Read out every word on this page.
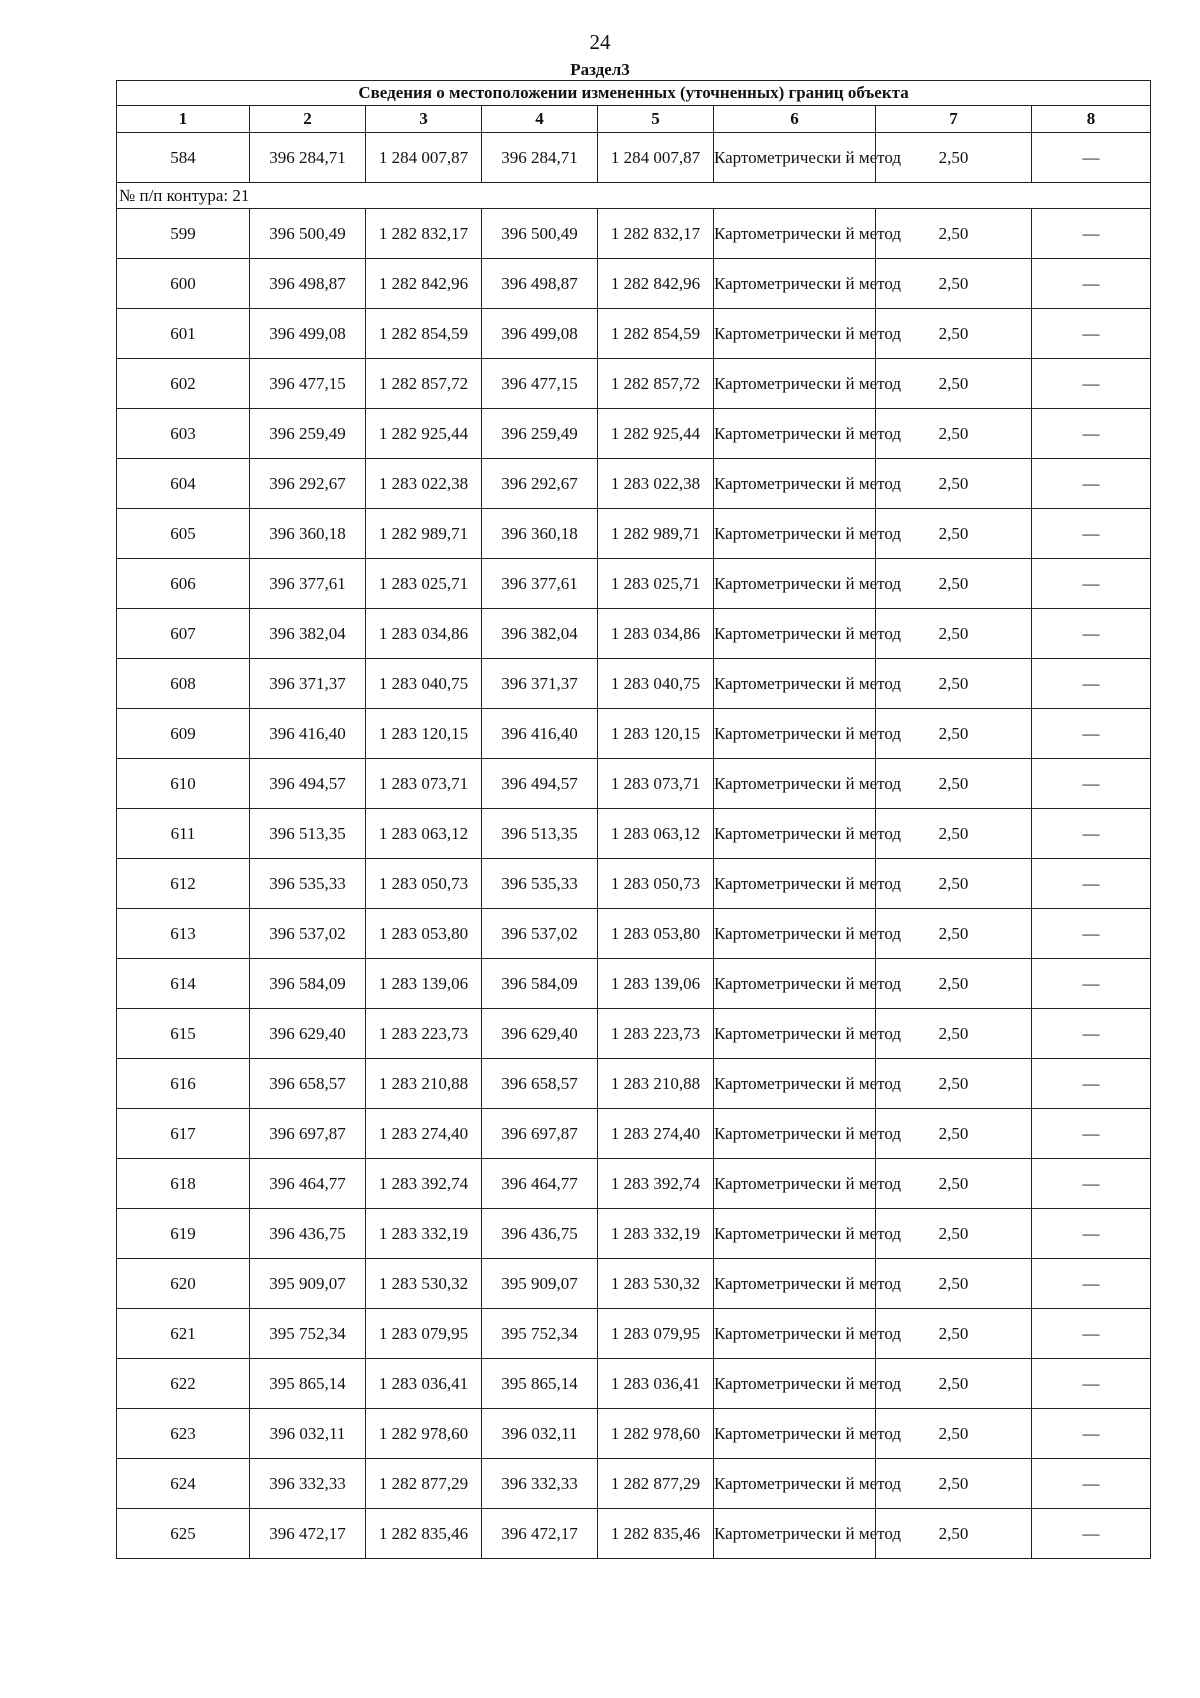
24
Раздел3
Сведения о местоположении измененных (уточненных) границ объекта							
1	2	3	4	5	6	7	8
584	396 284,71	1 284 007,87	396 284,71	1 284 007,87	Картометрически й метод	2,50	—
№ п/п контура: 21							
599	396 500,49	1 282 832,17	396 500,49	1 282 832,17	Картометрически й метод	2,50	—
600	396 498,87	1 282 842,96	396 498,87	1 282 842,96	Картометрически й метод	2,50	—
601	396 499,08	1 282 854,59	396 499,08	1 282 854,59	Картометрически й метод	2,50	—
602	396 477,15	1 282 857,72	396 477,15	1 282 857,72	Картометрически й метод	2,50	—
603	396 259,49	1 282 925,44	396 259,49	1 282 925,44	Картометрически й метод	2,50	—
604	396 292,67	1 283 022,38	396 292,67	1 283 022,38	Картометрически й метод	2,50	—
605	396 360,18	1 282 989,71	396 360,18	1 282 989,71	Картометрически й метод	2,50	—
606	396 377,61	1 283 025,71	396 377,61	1 283 025,71	Картометрически й метод	2,50	—
607	396 382,04	1 283 034,86	396 382,04	1 283 034,86	Картометрически й метод	2,50	—
608	396 371,37	1 283 040,75	396 371,37	1 283 040,75	Картометрически й метод	2,50	—
609	396 416,40	1 283 120,15	396 416,40	1 283 120,15	Картометрически й метод	2,50	—
610	396 494,57	1 283 073,71	396 494,57	1 283 073,71	Картометрически й метод	2,50	—
611	396 513,35	1 283 063,12	396 513,35	1 283 063,12	Картометрически й метод	2,50	—
612	396 535,33	1 283 050,73	396 535,33	1 283 050,73	Картометрически й метод	2,50	—
613	396 537,02	1 283 053,80	396 537,02	1 283 053,80	Картометрически й метод	2,50	—
614	396 584,09	1 283 139,06	396 584,09	1 283 139,06	Картометрически й метод	2,50	—
615	396 629,40	1 283 223,73	396 629,40	1 283 223,73	Картометрически й метод	2,50	—
616	396 658,57	1 283 210,88	396 658,57	1 283 210,88	Картометрически й метод	2,50	—
617	396 697,87	1 283 274,40	396 697,87	1 283 274,40	Картометрически й метод	2,50	—
618	396 464,77	1 283 392,74	396 464,77	1 283 392,74	Картометрически й метод	2,50	—
619	396 436,75	1 283 332,19	396 436,75	1 283 332,19	Картометрически й метод	2,50	—
620	395 909,07	1 283 530,32	395 909,07	1 283 530,32	Картометрически й метод	2,50	—
621	395 752,34	1 283 079,95	395 752,34	1 283 079,95	Картометрически й метод	2,50	—
622	395 865,14	1 283 036,41	395 865,14	1 283 036,41	Картометрически й метод	2,50	—
623	396 032,11	1 282 978,60	396 032,11	1 282 978,60	Картометрически й метод	2,50	—
624	396 332,33	1 282 877,29	396 332,33	1 282 877,29	Картометрически й метод	2,50	—
625	396 472,17	1 282 835,46	396 472,17	1 282 835,46	Картометрически й метод	2,50	—
